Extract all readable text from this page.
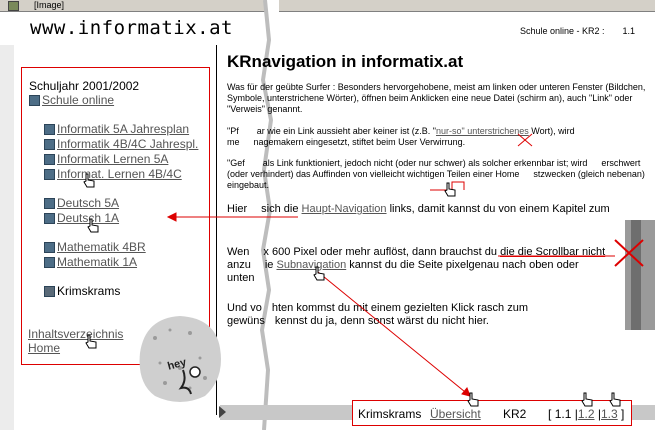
[Image]
www.informatix.at	Schule online - KR2 : 1.1
Schuljahr 2001/2002
Schule online
Informatik 5A Jahresplan
Informatik 4B/4C Jahrespl.
Informatik Lernen 5A
Informat. Lernen 4B/4C
Deutsch 5A
Deutsch 1A
Mathematik 4BR
Mathematik 1A
Krimskrams
Inhaltsverzeichnis
Home
hey
KRnavigation in informatix.at
Was für der geübte Surfer : Besonders hervorgehobene, meist am linken oder unteren Fenster (Bildchen, Symbole, unterstrichene Wörter), öffnen beim Anklicken eine neue Datei (schirm an), auch "Link" oder "Verweis" genannt.
"Pf ar wie ein Link aussieht aber keiner ist (z.B. "nur-so" unterstrichenes Wort), wird me nagemakern eingesetzt, stiftet beim User Verwirrung.
"Gef als Link funktioniert, jedoch nicht (oder nur schwer) als solcher erkennbar ist; wird erschwert (oder verhindert) das Auffinden von vielleicht wichtigen Teilen einer Home stzwecken (gleich nebenan) eingebaut.
Hier sich die Haupt-Navigation links, damit kannst du von einem Kapitel zum
Wen x 600 Pixel oder mehr auflöst, dann brauchst du die die Scrollbar nicht
anzu ie Subnavigation kannst du die Seite pixelgenau nach oben oder
unten
Und vo hten kommst du mit einem gezielten Klick rasch zum
gewüns kennst du ja, denn sonst wärst du nicht hier.
Krimskrams Übersicht KR2 [ 1.1 |1.2 |1.3 ]
